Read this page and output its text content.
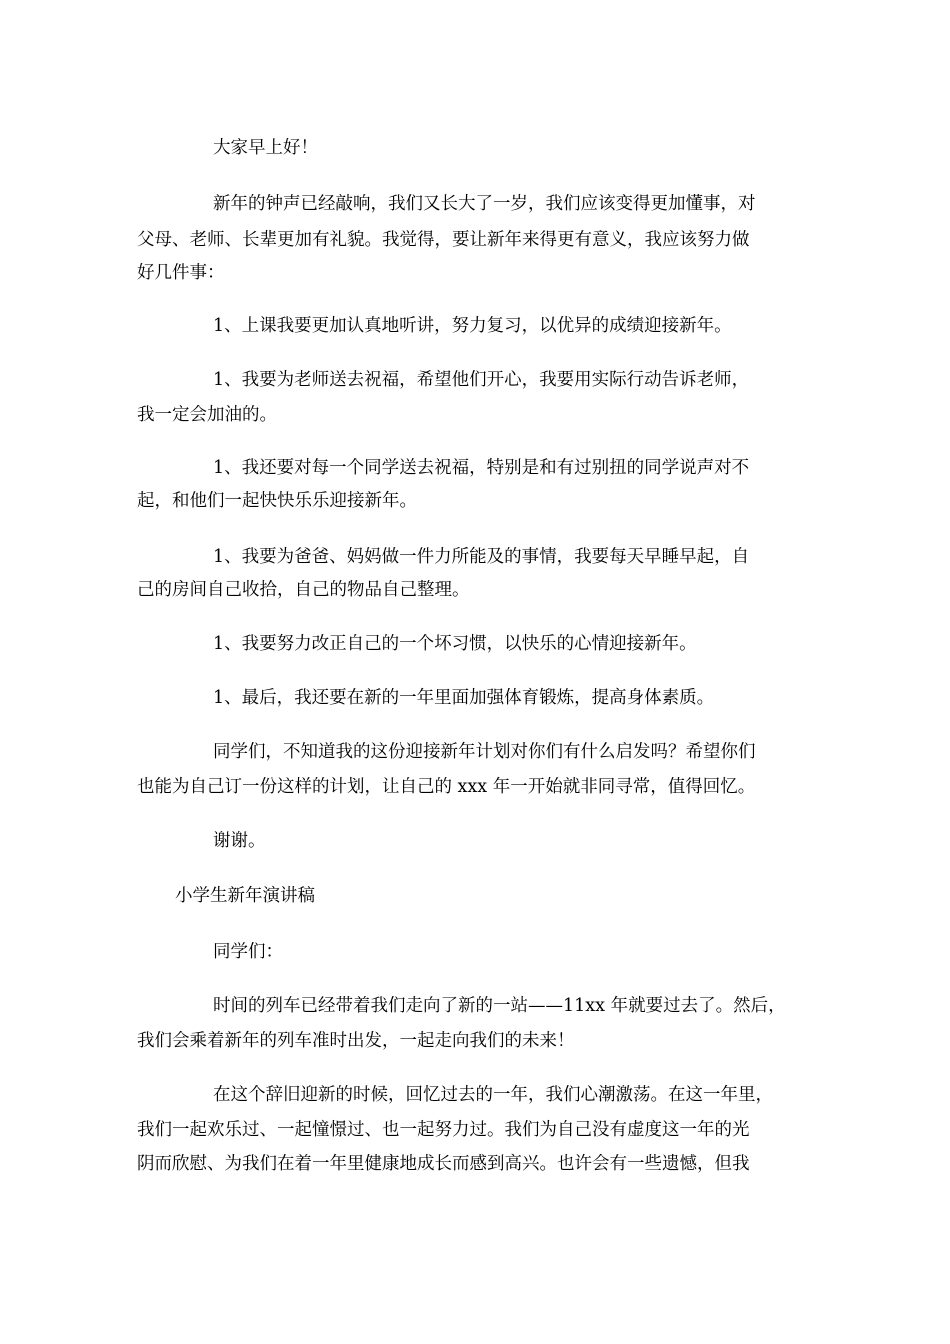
大家早上好！
新年的钟声已经敲响，我们又长大了一岁，我们应该变得更加懂事，对
父母、老师、长辈更加有礼貌。我觉得，要让新年来得更有意义，我应该努力做
好几件事：
1、上课我要更加认真地听讲，努力复习，以优异的成绩迎接新年。
1、我要为老师送去祝福，希望他们开心，我要用实际行动告诉老师，
我一定会加油的。
1、我还要对每一个同学送去祝福，特别是和有过别扭的同学说声对不
起，和他们一起快快乐乐迎接新年。
1、我要为爸爸、妈妈做一件力所能及的事情，我要每天早睡早起，自
己的房间自己收拾，自己的物品自己整理。
1、我要努力改正自己的一个坏习惯，以快乐的心情迎接新年。
1、最后，我还要在新的一年里面加强体育锻炼，提高身体素质。
同学们，不知道我的这份迎接新年计划对你们有什么启发吗？希望你们
也能为自己订一份这样的计划，让自己的 xxx 年一开始就非同寻常，值得回忆。
谢谢。
小学生新年演讲稿
同学们：
时间的列车已经带着我们走向了新的一站——11xx 年就要过去了。然后，
我们会乘着新年的列车准时出发，一起走向我们的未来！
在这个辞旧迎新的时候，回忆过去的一年，我们心潮激荡。在这一年里，
我们一起欢乐过、一起憧憬过、也一起努力过。我们为自己没有虚度这一年的光
阴而欣慰、为我们在着一年里健康地成长而感到高兴。也许会有一些遗憾，但我
